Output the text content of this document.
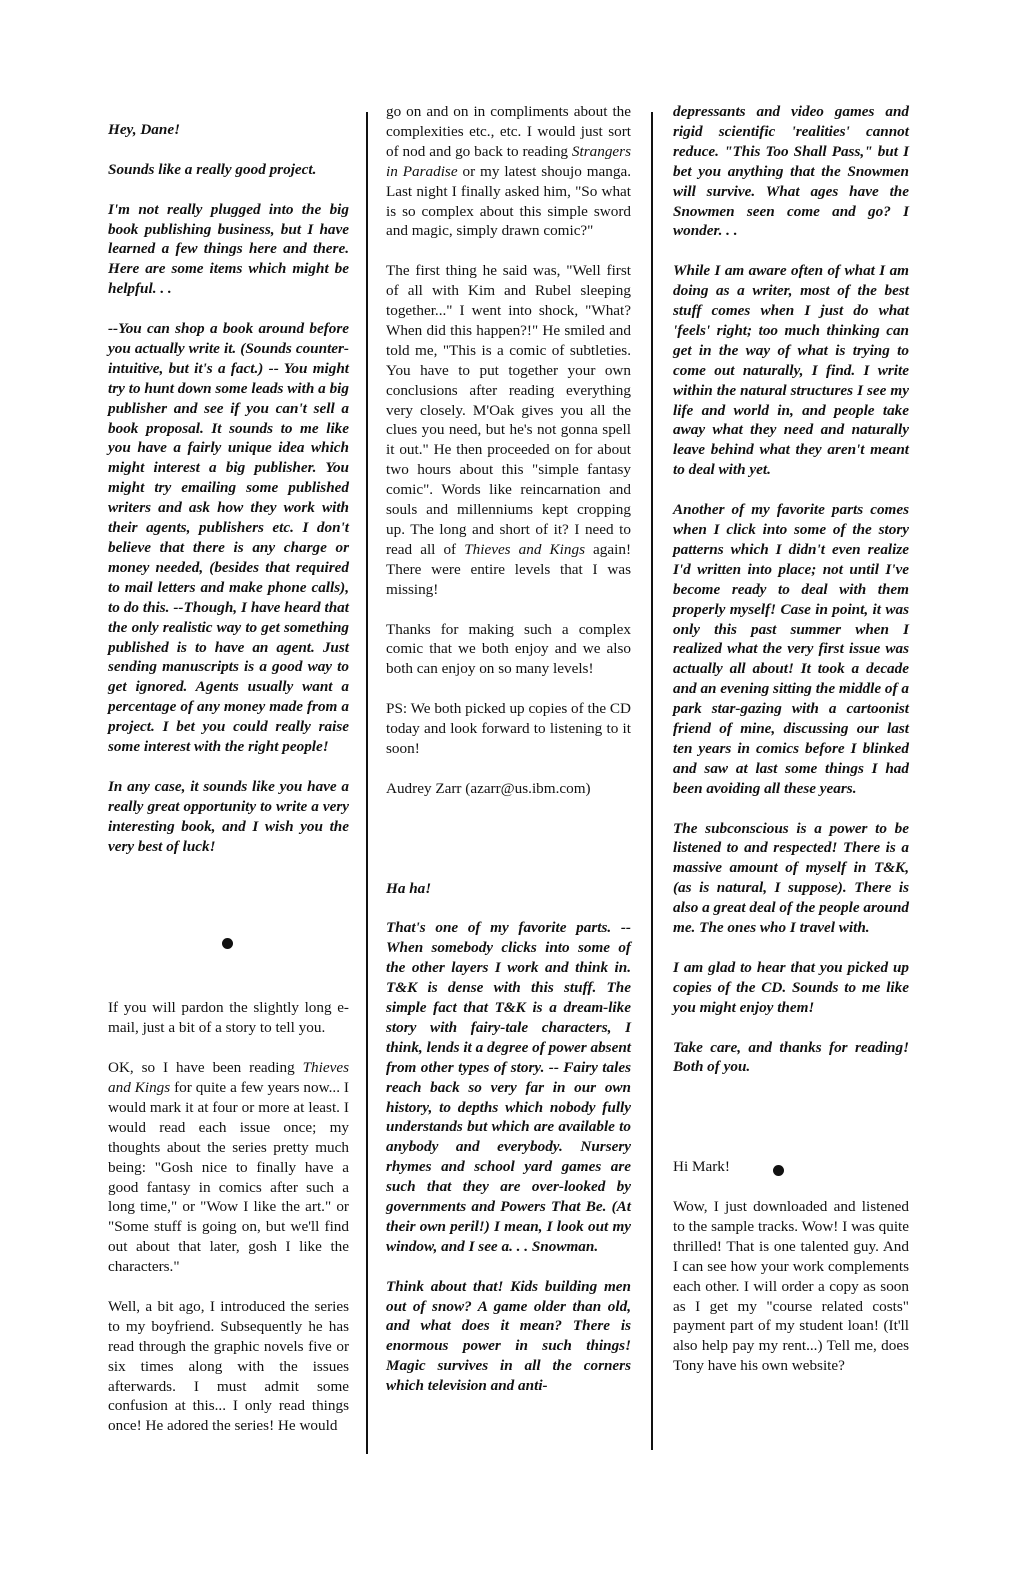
Hey, Dane!

Sounds like a really good project.

I'm not really plugged into the big book publishing business, but I have learned a few things here and there. Here are some items which might be helpful. . .

--You can shop a book around before you actually write it. (Sounds counter-intuitive, but it's a fact.) -- You might try to hunt down some leads with a big publisher and see if you can't sell a book proposal. It sounds to me like you have a fairly unique idea which might interest a big publisher. You might try emailing some published writers and ask how they work with their agents, publishers etc. I don't believe that there is any charge or money needed, (besides that required to mail letters and make phone calls), to do this. --Though, I have heard that the only realistic way to get something published is to have an agent. Just sending manuscripts is a good way to get ignored. Agents usually want a percentage of any money made from a project. I bet you could really raise some interest with the right people!

In any case, it sounds like you have a really great opportunity to write a very interesting book, and I wish you the very best of luck!

If you will pardon the slightly long e-mail, just a bit of a story to tell you.

OK, so I have been reading Thieves and Kings for quite a few years now... I would mark it at four or more at least. I would read each issue once; my thoughts about the series pretty much being: "Gosh nice to finally have a good fantasy in comics after such a long time," or "Wow I like the art." or "Some stuff is going on, but we'll find out about that later, gosh I like the characters."

Well, a bit ago, I introduced the series to my boyfriend. Subsequently he has read through the graphic novels five or six times along with the issues afterwards. I must admit some confusion at this... I only read things once! He adored the series! He would

go on and on in compliments about the complexities etc., etc. I would just sort of nod and go back to reading Strangers in Paradise or my latest shoujo manga. Last night I finally asked him, "So what is so complex about this simple sword and magic, simply drawn comic?"

The first thing he said was, "Well first of all with Kim and Rubel sleeping together..." I went into shock, "What? When did this happen?!" He smiled and told me, "This is a comic of subtleties. You have to put together your own conclusions after reading everything very closely. M'Oak gives you all the clues you need, but he's not gonna spell it out." He then proceeded on for about two hours about this "simple fantasy comic". Words like reincarnation and souls and millenniums kept cropping up. The long and short of it? I need to read all of Thieves and Kings again! There were entire levels that I was missing!

Thanks for making such a complex comic that we both enjoy and we also both can enjoy on so many levels!

PS: We both picked up copies of the CD today and look forward to listening to it soon!

Audrey Zarr (azarr@us.ibm.com)

Ha ha!

That's one of my favorite parts. -- When somebody clicks into some of the other layers I work and think in. T&K is dense with this stuff. The simple fact that T&K is a dream-like story with fairy-tale characters, I think, lends it a degree of power absent from other types of story. -- Fairy tales reach back so very far in our own history, to depths which nobody fully understands but which are available to anybody and everybody. Nursery rhymes and school yard games are such that they are over-looked by governments and Powers That Be. (At their own peril!) I mean, I look out my window, and I see a. . . Snowman.

Think about that! Kids building men out of snow? A game older than old, and what does it mean? There is enormous power in such things! Magic survives in all the corners which television and anti-

depressants and video games and rigid scientific 'realities' cannot reduce. "This Too Shall Pass," but I bet you anything that the Snowmen will survive. What ages have the Snowmen seen come and go? I wonder. . .

While I am aware often of what I am doing as a writer, most of the best stuff comes when I just do what 'feels' right; too much thinking can get in the way of what is trying to come out naturally, I find. I write within the natural structures I see my life and world in, and people take away what they need and naturally leave behind what they aren't meant to deal with yet.

Another of my favorite parts comes when I click into some of the story patterns which I didn't even realize I'd written into place; not until I've become ready to deal with them properly myself! Case in point, it was only this past summer when I realized what the very first issue was actually all about! It took a decade and an evening sitting the middle of a park star-gazing with a cartoonist friend of mine, discussing our last ten years in comics before I blinked and saw at last some things I had been avoiding all these years.

The subconscious is a power to be listened to and respected! There is a massive amount of myself in T&K, (as is natural, I suppose). There is also a great deal of the people around me. The ones who I travel with.

I am glad to hear that you picked up copies of the CD. Sounds to me like you might enjoy them!

Take care, and thanks for reading! Both of you.

Hi Mark!

Wow, I just downloaded and listened to the sample tracks. Wow! I was quite thrilled! That is one talented guy. And I can see how your work complements each other. I will order a copy as soon as I get my "course related costs" payment part of my student loan! (It'll also help pay my rent...) Tell me, does Tony have his own website?
